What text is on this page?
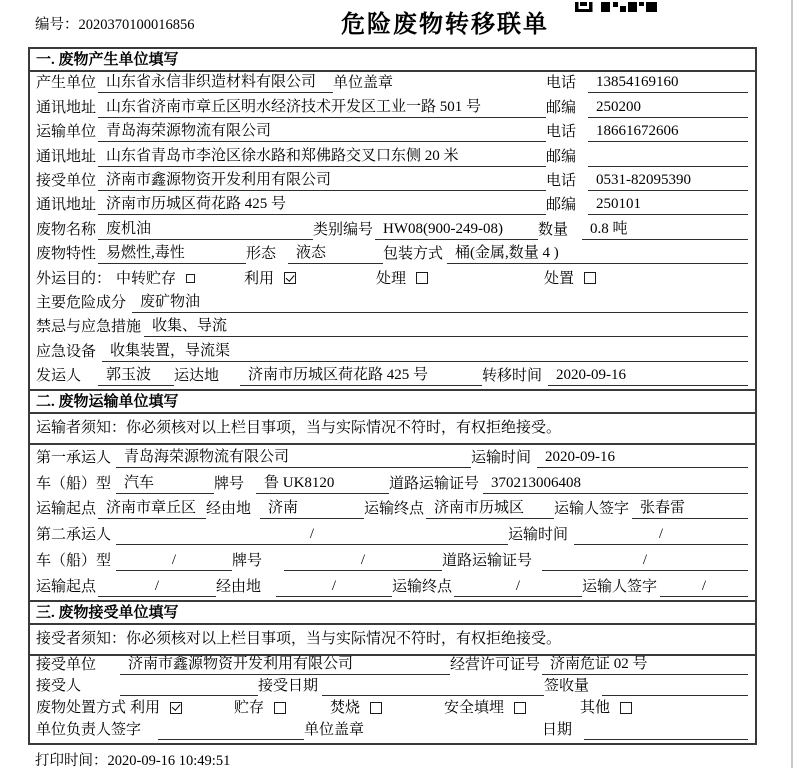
编号：2020370100016856	危险废物转移联单
一. 废物产生单位填写
产生单位 山东省永信非织造材料有限公司	单位盖章	电话	13854169160
通讯地址 山东省济南市章丘区明水经济技术开发区工业一路 501 号	邮编	250200
运输单位 青岛海荣源物流有限公司	电话	18661672606
通讯地址 山东省青岛市李沧区徐水路和郑佛路交叉口东侧 20 米	邮编
接受单位 济南市鑫源物资开发利用有限公司	电话	0531-82095390
通讯地址 济南市历城区荷花路 425 号	邮编	250101
废物名称 废机油	类别编号 HW08(900-249-08)	数量	0.8 吨
废物特性 易燃性,毒性	形态	液态	包装方式 桶(金属,数量 4 )
外运目的： 中转贮存	利用	处理	处置
主要危险成分 废矿物油
禁忌与应急措施 收集、导流
应急设备 收集装置，导流渠
发运人	郭玉波	运达地	济南市历城区荷花路 425 号	转移时间 2020-09-16
二. 废物运输单位填写
运输者须知：你必须核对以上栏目事项，当与实际情况不符时，有权拒绝接受。
第一承运人 青岛海荣源物流有限公司	运输时间 2020-09-16
车（船）型 汽车	牌号	鲁 UK8120	道路运输证号 370213006408
运输起点 济南市章丘区 经由地	济南	运输终点 济南市历城区	运输人签字 张春雷
第二承运人	/	运输时间	/
车（船）型	/	牌号	/	道路运输证号	/
运输起点	/	经由地	/	运输终点	/	运输人签字	/
三. 废物接受单位填写
接受者须知：你必须核对以上栏目事项，当与实际情况不符时，有权拒绝接受。
接受单位	济南市鑫源物资开发利用有限公司	经营许可证号 济南危证 02 号
接受人	接受日期	签收量
废物处置方式 利用	贮存	焚烧	安全填埋	其他
单位负责人签字	单位盖章	日期
打印时间：2020-09-16 10:49:51
